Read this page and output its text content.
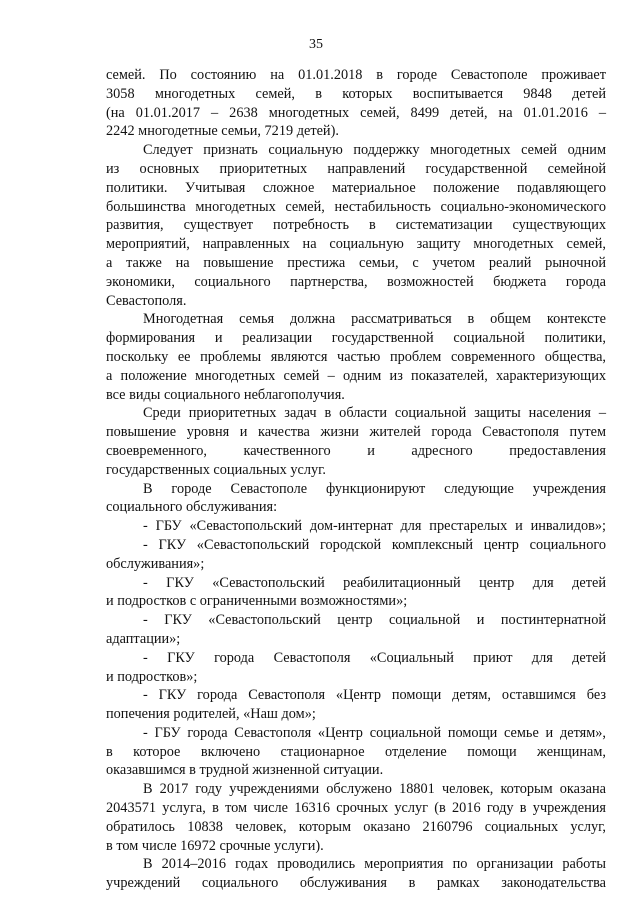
35
семей. По состоянию на 01.01.2018 в городе Севастополе проживает
3058 многодетных семей, в которых воспитывается 9848 детей
(на 01.01.2017 – 2638 многодетных семей, 8499 детей, на 01.01.2016 –
2242 многодетные семьи, 7219 детей).
Следует признать социальную поддержку многодетных семей одним
из основных приоритетных направлений государственной семейной
политики. Учитывая сложное материальное положение подавляющего
большинства многодетных семей, нестабильность социально-экономического
развития, существует потребность в систематизации существующих
мероприятий, направленных на социальную защиту многодетных семей,
а также на повышение престижа семьи, с учетом реалий рыночной
экономики, социального партнерства, возможностей бюджета города
Севастополя.
Многодетная семья должна рассматриваться в общем контексте
формирования и реализации государственной социальной политики,
поскольку ее проблемы являются частью проблем современного общества,
а положение многодетных семей – одним из показателей, характеризующих
все виды социального неблагополучия.
Среди приоритетных задач в области социальной защиты населения –
повышение уровня и качества жизни жителей города Севастополя путем
своевременного, качественного и адресного предоставления
государственных социальных услуг.
В городе Севастополе функционируют следующие учреждения
социального обслуживания:
- ГБУ «Севастопольский дом-интернат для престарелых и инвалидов»;
- ГКУ «Севастопольский городской комплексный центр социального
обслуживания»;
- ГКУ «Севастопольский реабилитационный центр для детей
и подростков с ограниченными возможностями»;
- ГКУ «Севастопольский центр социальной и постинтернатной
адаптации»;
- ГКУ города Севастополя «Социальный приют для детей
и подростков»;
- ГКУ города Севастополя «Центр помощи детям, оставшимся без
попечения родителей, «Наш дом»;
- ГБУ города Севастополя «Центр социальной помощи семье и детям»,
в которое включено стационарное отделение помощи женщинам,
оказавшимся в трудной жизненной ситуации.
В 2017 году учреждениями обслужено 18801 человек, которым оказана
2043571 услуга, в том числе 16316 срочных услуг (в 2016 году в учреждения
обратилось 10838 человек, которым оказано 2160796 социальных услуг,
в том числе 16972 срочные услуги).
В 2014–2016 годах проводились мероприятия по организации работы
учреждений социального обслуживания в рамках законодательства
